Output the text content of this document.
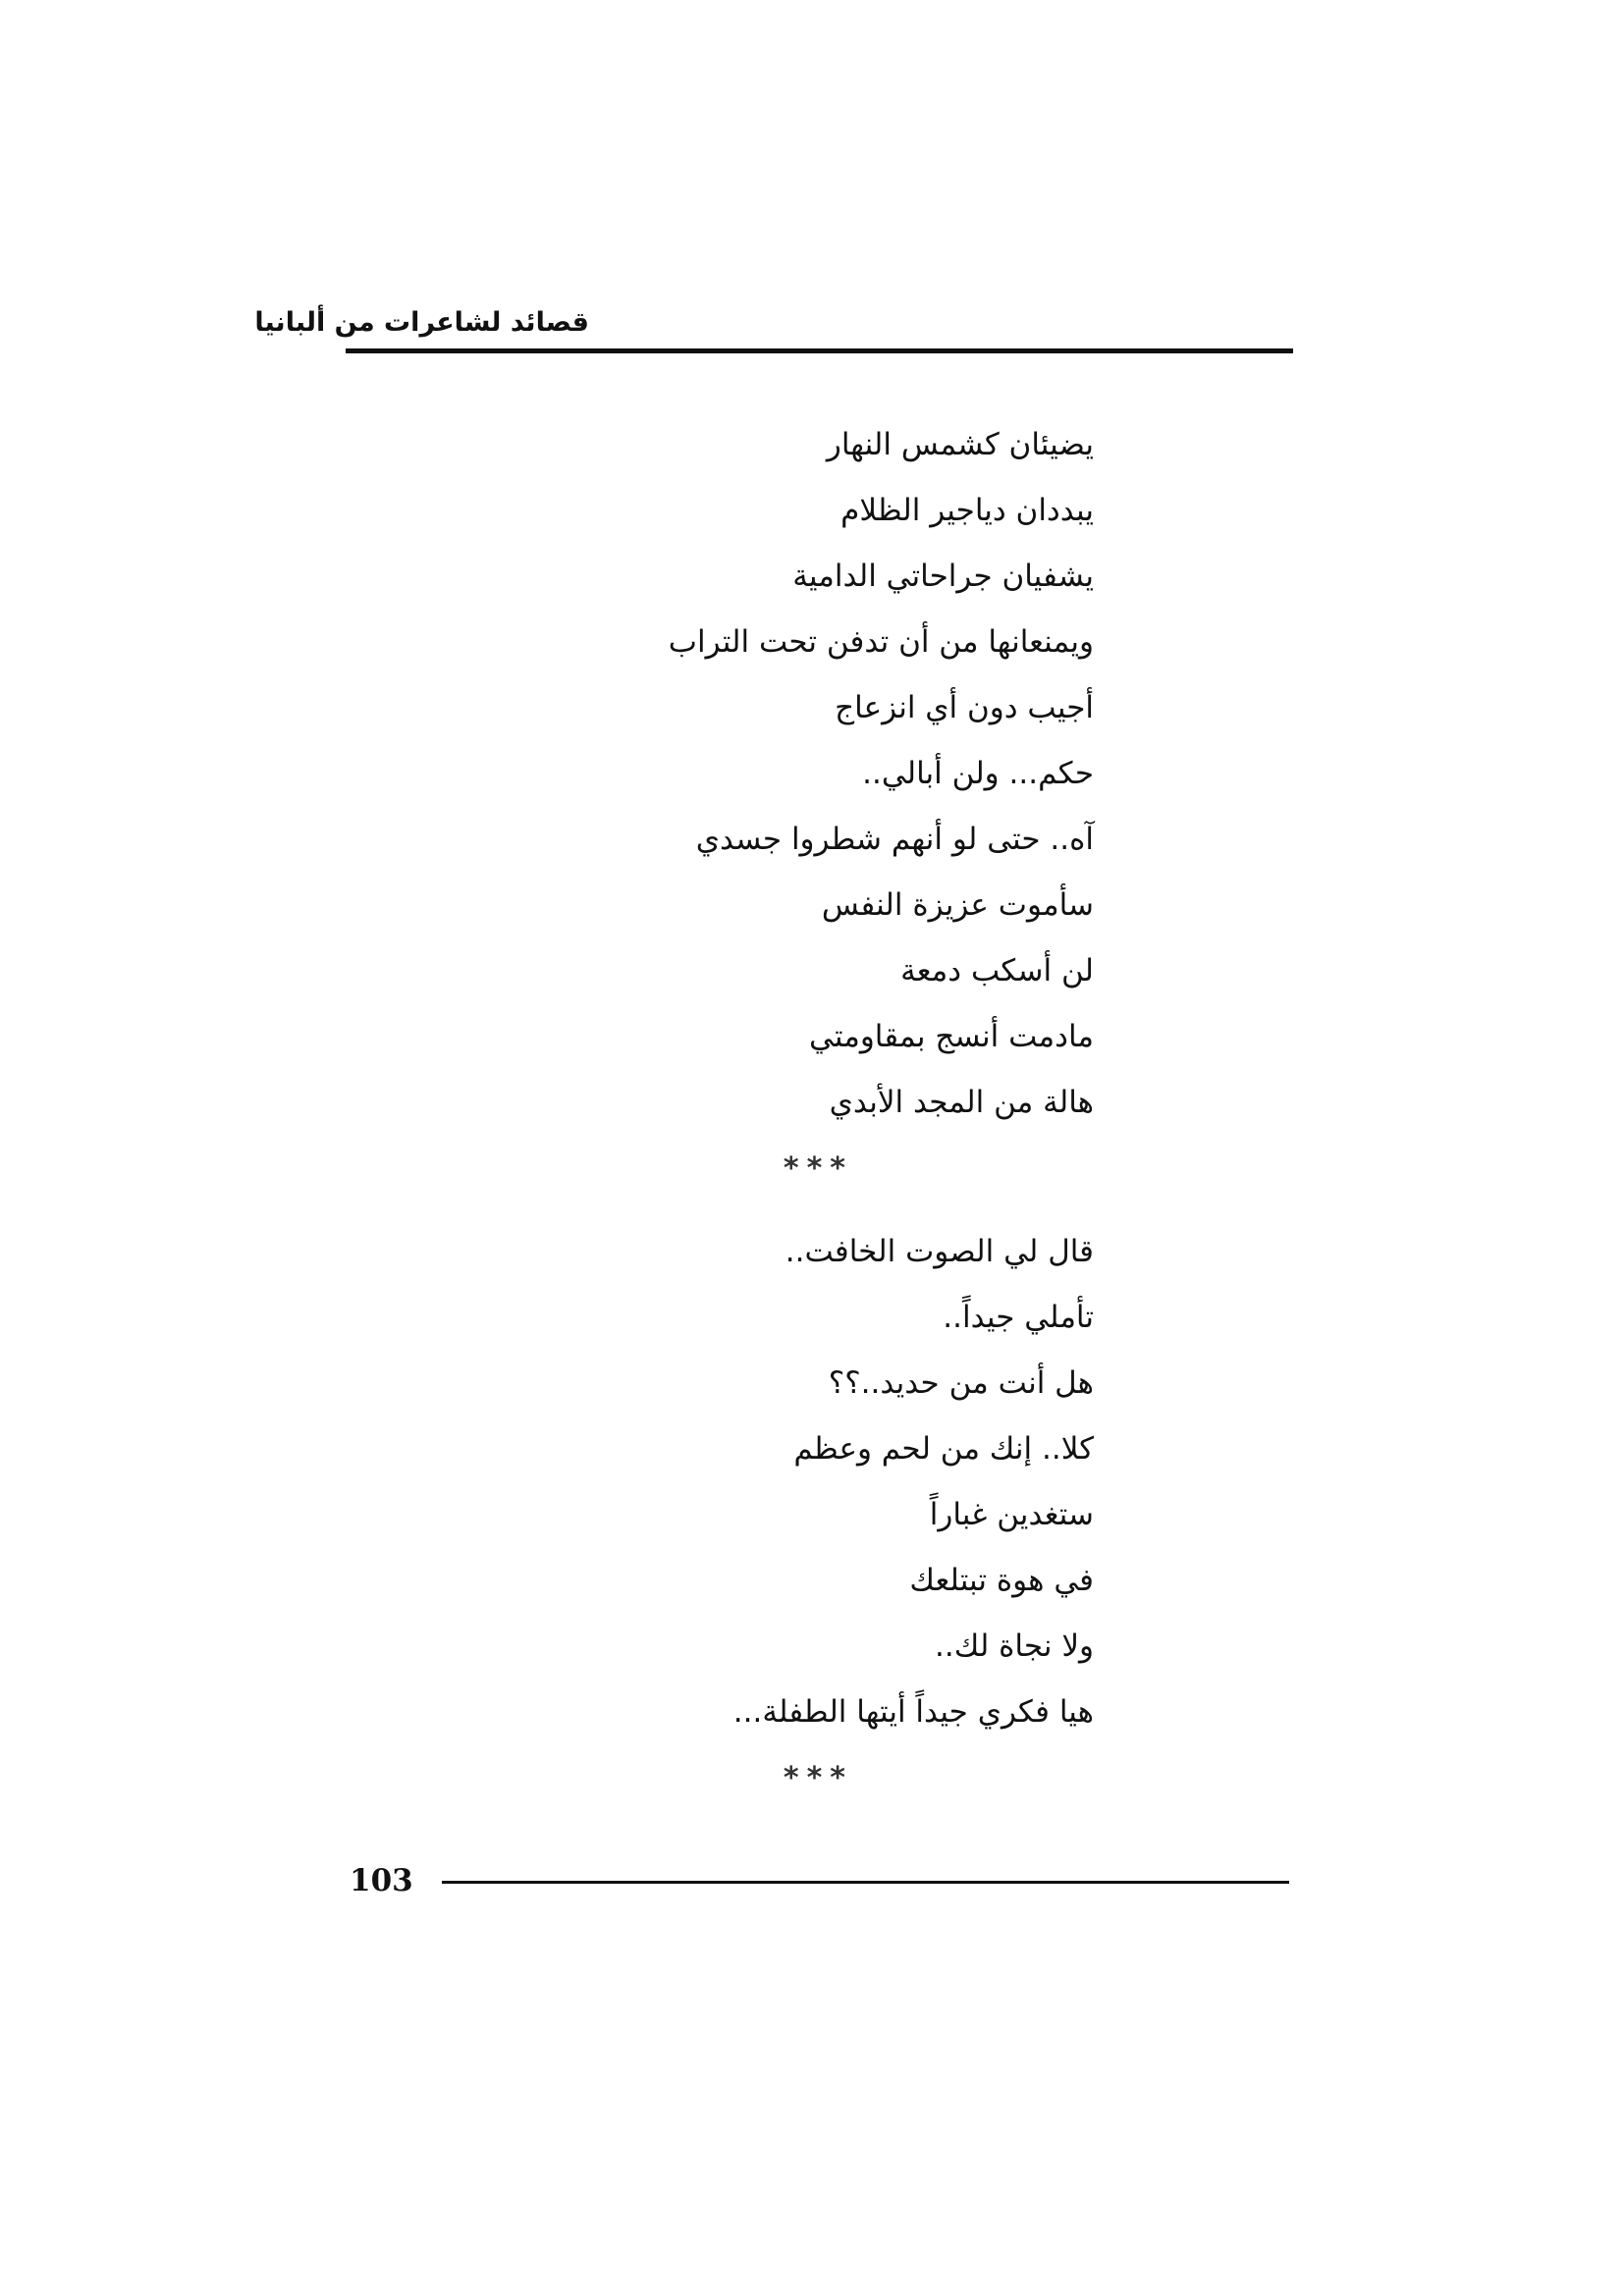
قصائد لشاعرات من ألبانيا
يضيئان كشمس النهار
يبددان دياجير الظلام
يشفيان جراحاتي الدامية
ويمنعانها من أن تدفن تحت التراب
أجيب دون أي انزعاج
حكم... ولن أبالي..
آه.. حتى لو أنهم شطروا جسدي
سأموت عزيزة النفس
لن أسكب دمعة
مادمت أنسج بمقاومتي
هالة من المجد الأبدي
***
قال لي الصوت الخافت..
تأملي جيداً..
هل أنت من حديد..؟؟
كلا.. إنك من لحم وعظم
ستغدين غباراً
في هوة تبتلعك
ولا نجاة لك..
هيا فكري جيداً أيتها الطفلة...
***
103
